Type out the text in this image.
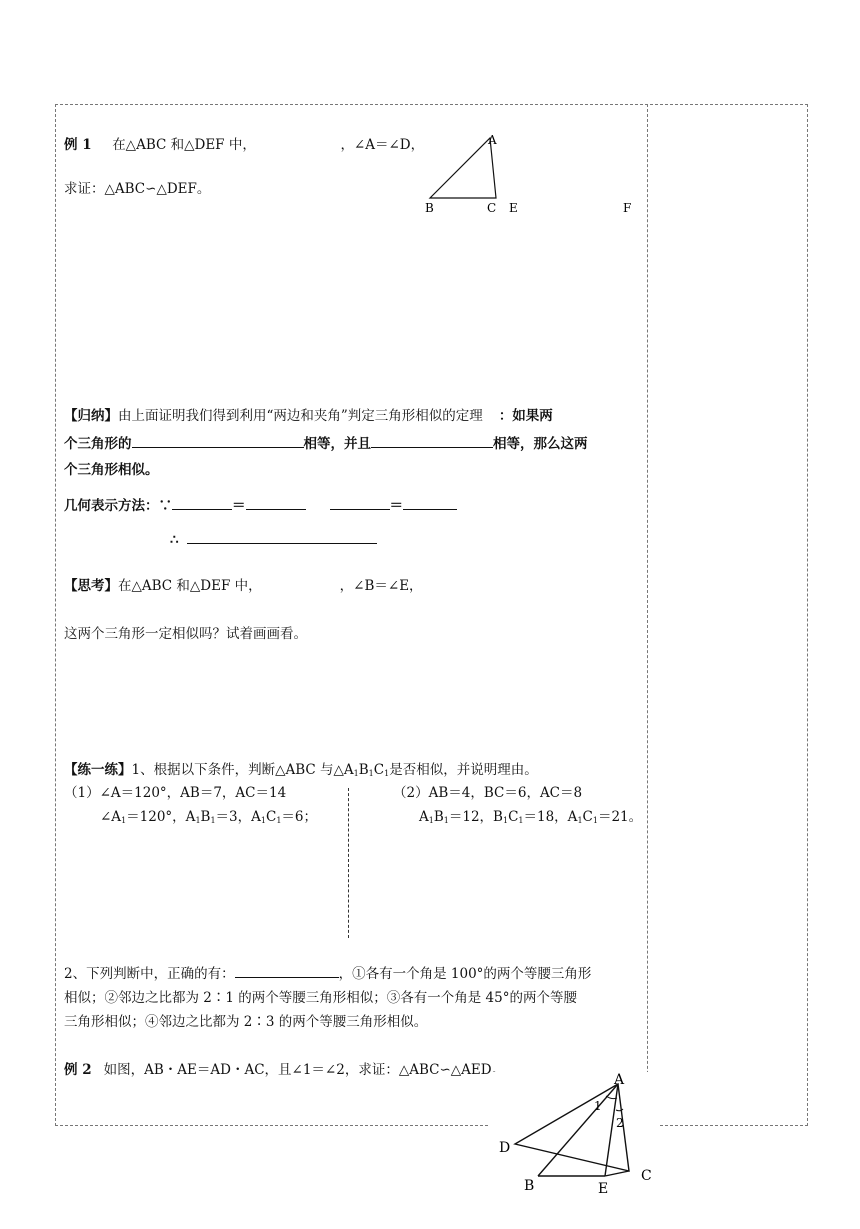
例 1 在△ABC 和△DEF 中，	，∠A＝∠D，
求证：△ABC∽△DEF。
A
B	C E	F
【归纳】由上面证明我们得到利用“两边和夹角”判定三角形相似的定理 ：如果两
个三角形的	相等，并且	相等，那么这两
个三角形相似。
几何表示方法：∵	＝	＝
∴
【思考】在△ABC 和△DEF 中，	，∠B＝∠E，
这两个三角形一定相似吗？试着画画看。
【练一练】1、根据以下条件，判断△ABC 与$\triangle A_1B_1C_1$是否相似，并说明理由。
（1）∠A＝120°，AB＝7，AC＝14
$\angle A_1=120^\circ$，$A_1B_1=3$，$A_1C_1=6$；
（2）AB＝4，BC＝6，AC＝8
$A_1B_1=12$，$B_1C_1=18$，$A_1C_1=21$。
2、下列判断中，正确的有：	，①各有一个角是 100°的两个等腰三角形
相似；②邻边之比都为 2∶1 的两个等腰三角形相似；③各有一个角是 45°的两个等腰
三角形相似；④邻边之比都为 2∶3 的两个等腰三角形相似。
例 2 如图，AB・AE＝AD・AC，且∠1＝∠2，求证：△ABC∽△AED。
A
D
B	E
C
1
2
